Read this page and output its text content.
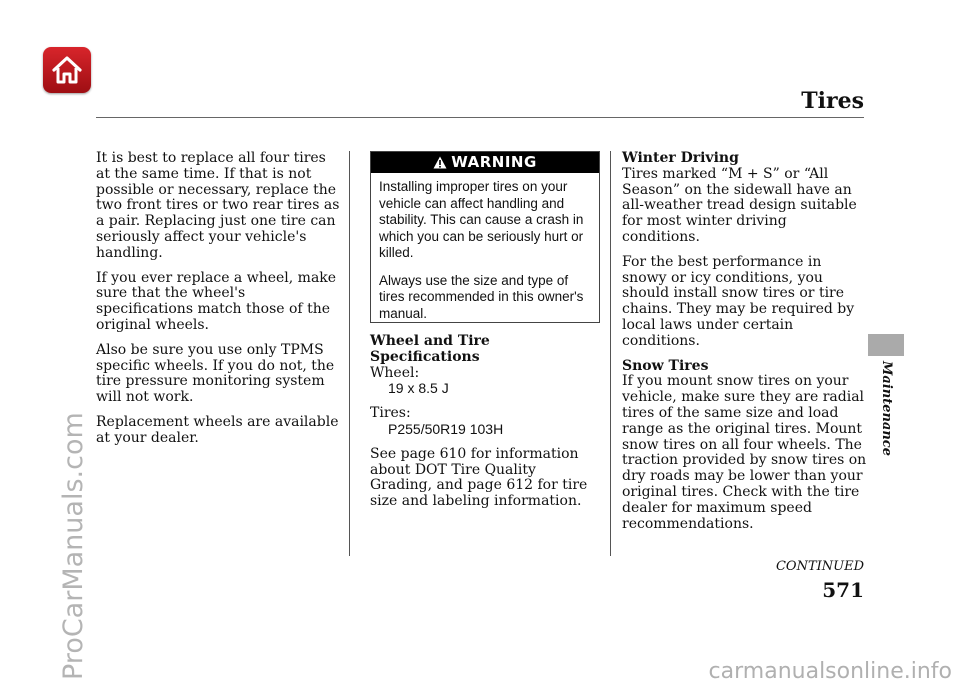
Tires

It is best to replace all four tires at the same time. If that is not possible or necessary, replace the two front tires or two rear tires as a pair. Replacing just one tire can seriously affect your vehicle's handling.

If you ever replace a wheel, make sure that the wheel's specifications match those of the original wheels.

Also be sure you use only TPMS specific wheels. If you do not, the tire pressure monitoring system will not work.

Replacement wheels are available at your dealer.

WARNING

Installing improper tires on your vehicle can affect handling and stability. This can cause a crash in which you can be seriously hurt or killed.

Always use the size and type of tires recommended in this owner's manual.

Wheel and Tire Specifications
Wheel:
19 x 8.5 J
Tires:
P255/50R19 103H

See page 610 for information about DOT Tire Quality Grading, and page 612 for tire size and labeling information.

Winter Driving

Tires marked “M + S” or “All Season” on the sidewall have an all-weather tread design suitable for most winter driving conditions.

For the best performance in snowy or icy conditions, you should install snow tires or tire chains. They may be required by local laws under certain conditions.

Snow Tires

If you mount snow tires on your vehicle, make sure they are radial tires of the same size and load range as the original tires. Mount snow tires on all four wheels. The traction provided by snow tires on dry roads may be lower than your original tires. Check with the tire dealer for maximum speed recommendations.

Maintenance
CONTINUED
571
ProCarManuals.com	carmanualsonline.info
